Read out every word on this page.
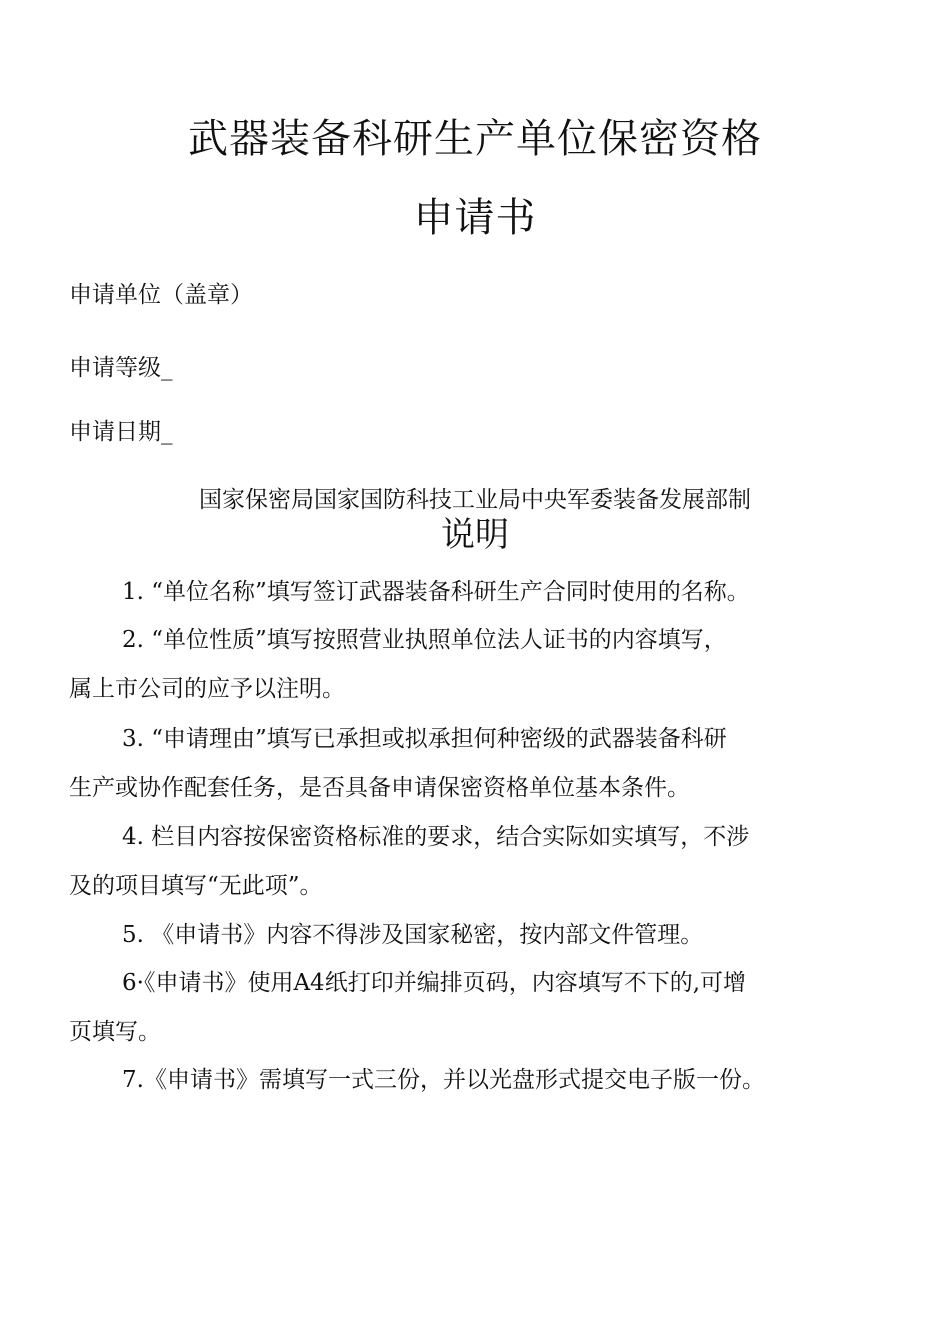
武器装备科研生产单位保密资格
申请书
申请单位（盖章）
申请等级_
申请日期_
国家保密局国家国防科技工业局中央军委装备发展部制
说明
1. “单位名称”填写签订武器装备科研生产合同时使用的名称。
2. “单位性质”填写按照营业执照单位法人证书的内容填写，
属上市公司的应予以注明。
3. “申请理由”填写已承担或拟承担何种密级的武器装备科研
生产或协作配套任务，是否具备申请保密资格单位基本条件。
4. 栏目内容按保密资格标准的要求，结合实际如实填写，不涉
及的项目填写“无此项”。
5. 《申请书》内容不得涉及国家秘密，按内部文件管理。
6·《申请书》使用A4纸打印并编排页码，内容填写不下的,可增
页填写。
7.《申请书》需填写一式三份，并以光盘形式提交电子版一份。
